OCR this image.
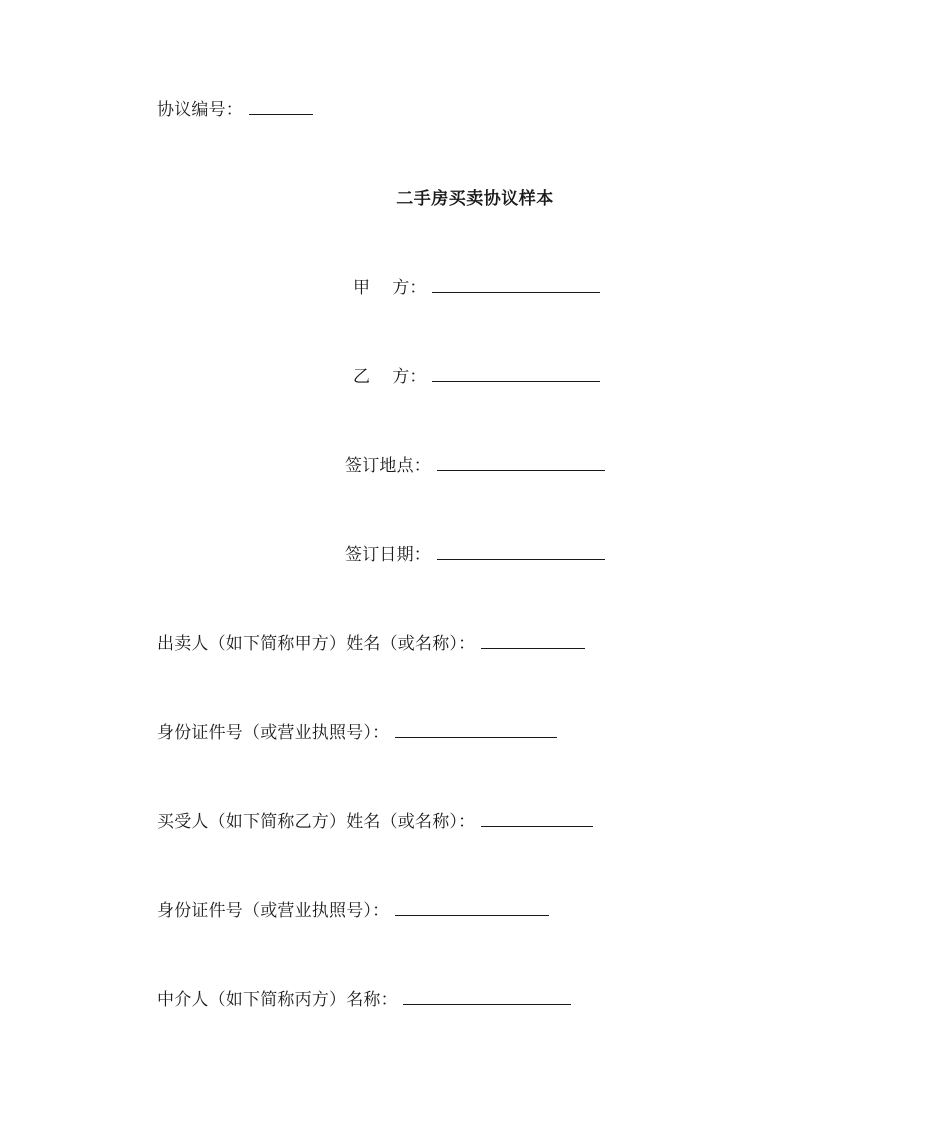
协议编号：
二手房买卖协议样本
甲 方：
乙 方：
签订地点：
签订日期：
出卖人（如下简称甲方）姓名（或名称）：
身份证件号（或营业执照号）：
买受人（如下简称乙方）姓名（或名称）：
身份证件号（或营业执照号）：
中介人（如下简称丙方）名称：
